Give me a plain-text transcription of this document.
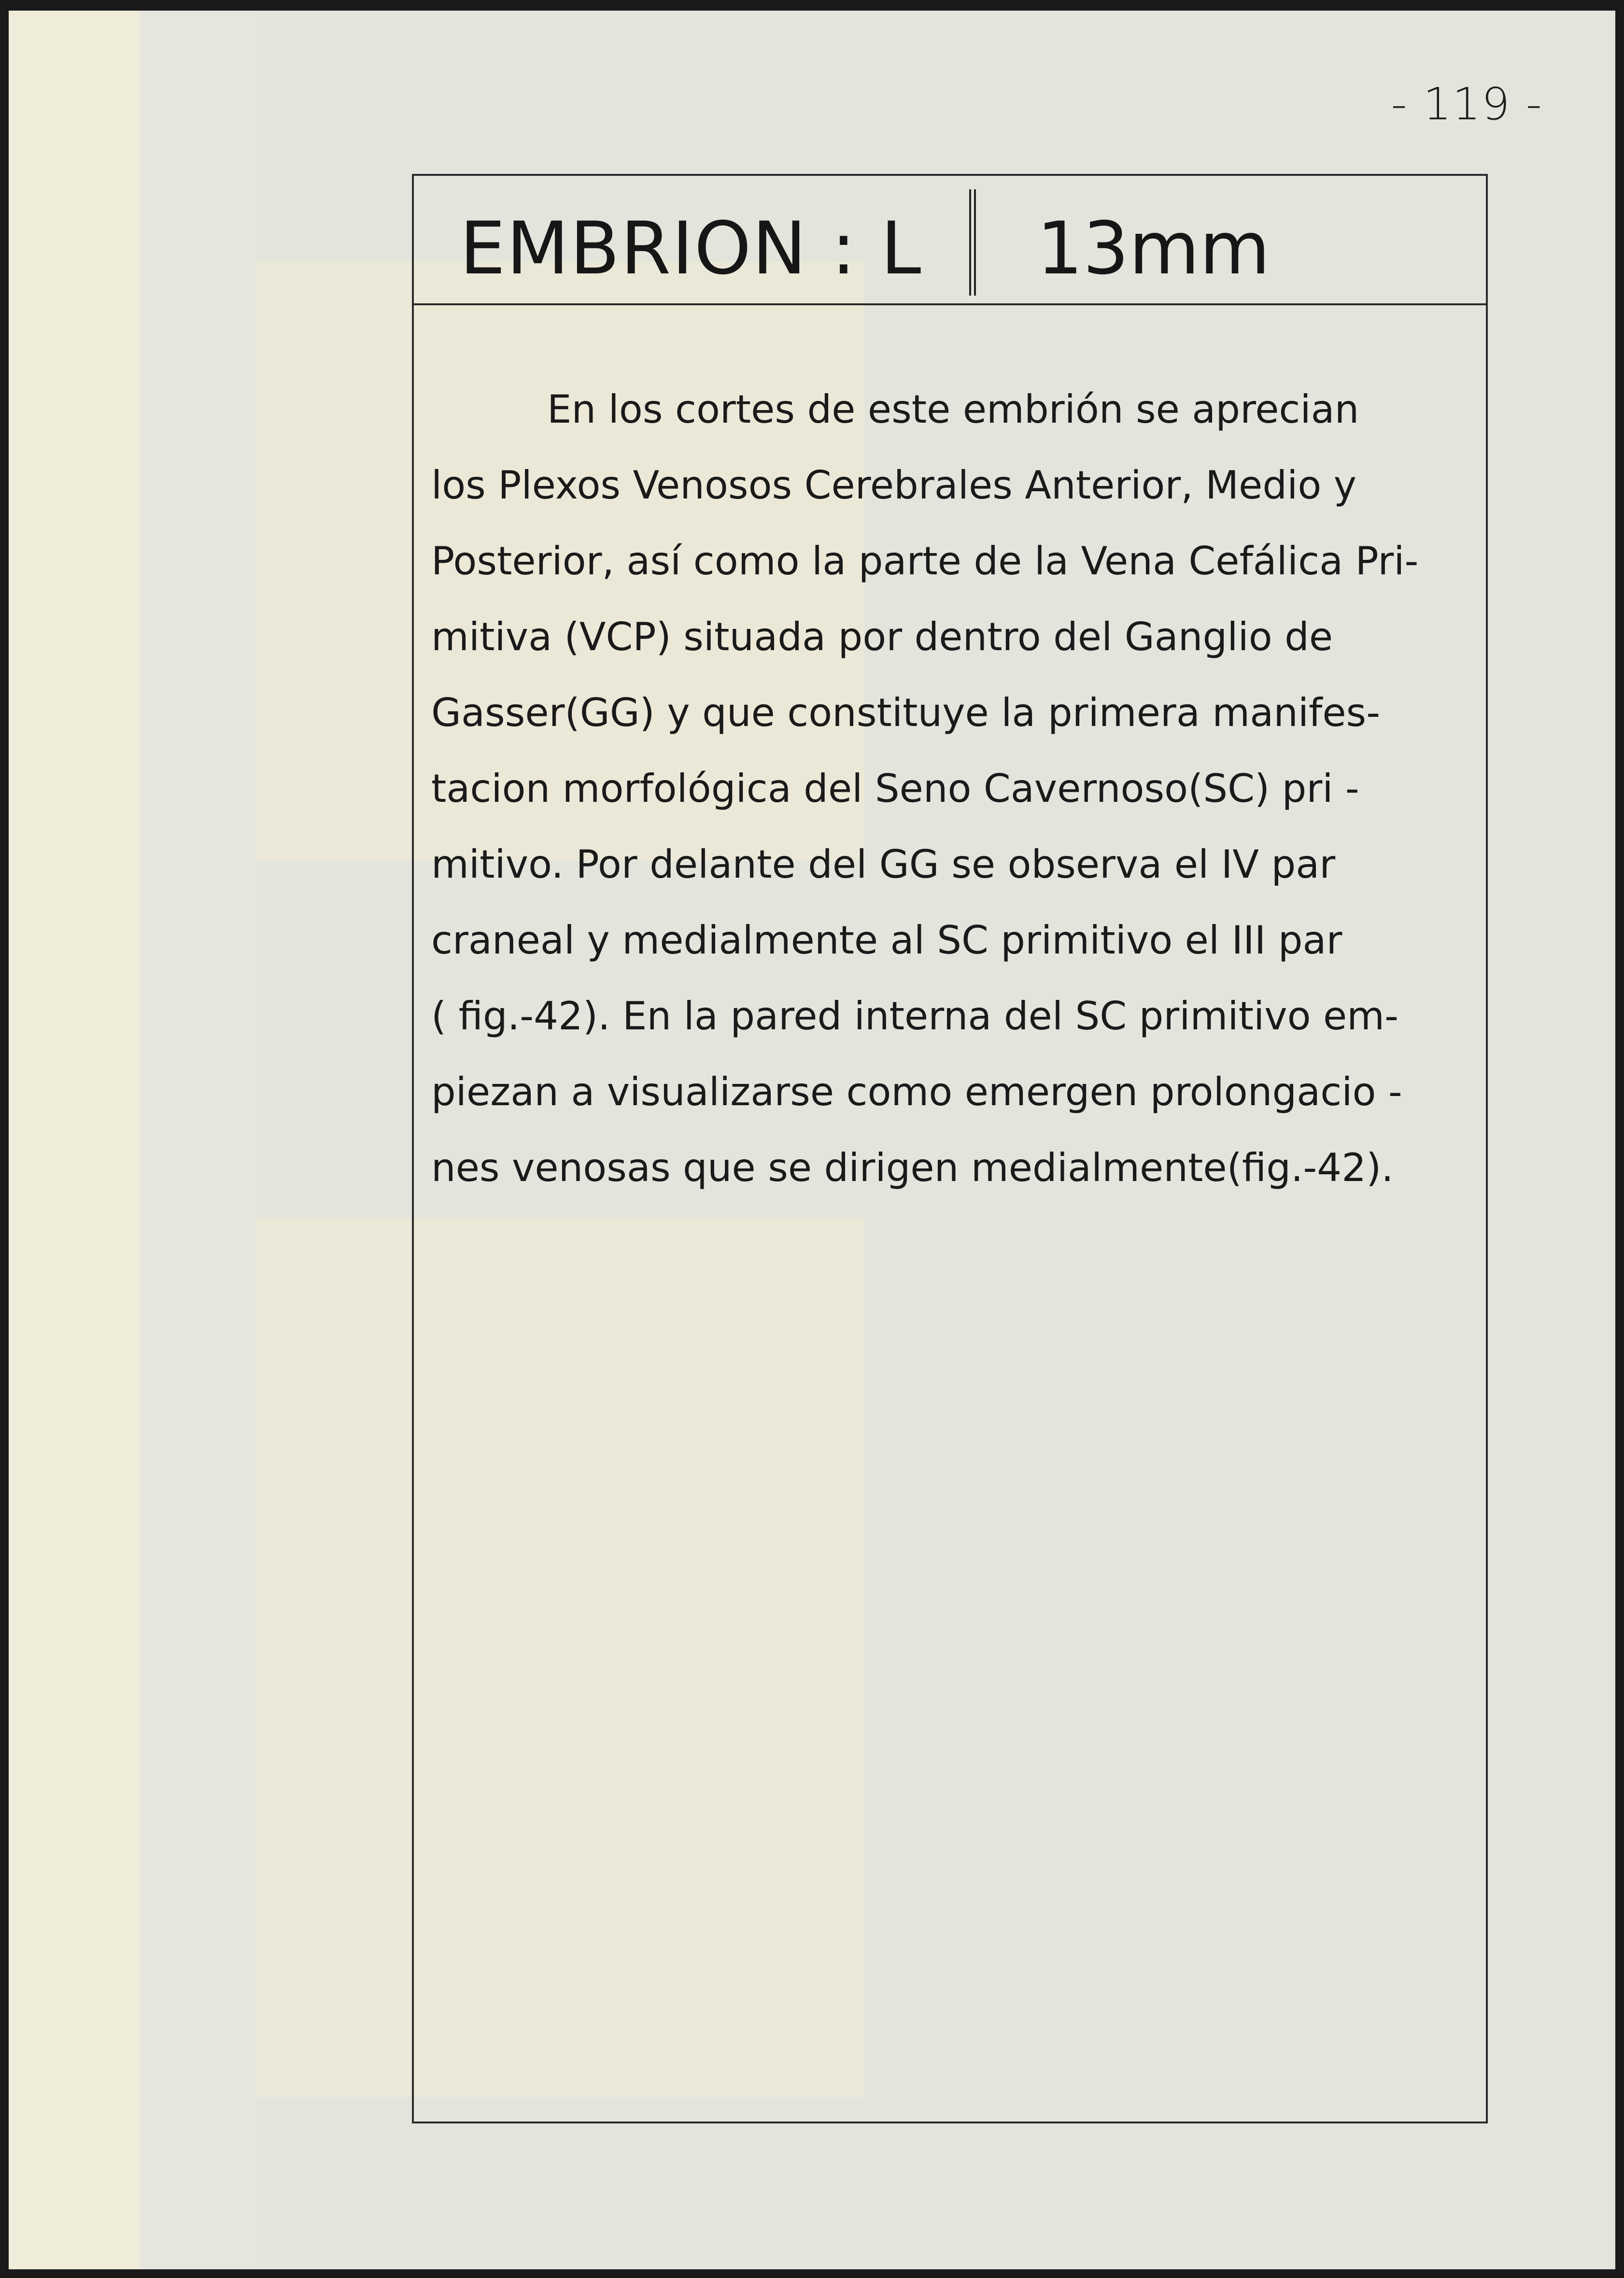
- 119 -
EMBRION : L 13mm
En los cortes de este embrión se aprecian
los Plexos Venosos Cerebrales Anterior, Medio y
Posterior, así como la parte de la Vena Cefálica Pri-
mitiva (VCP) situada por dentro del Ganglio de
Gasser(GG) y que constituye la primera manifes-
tacion morfológica del Seno Cavernoso(SC) pri -
mitivo. Por delante del GG se observa el IV par
craneal y medialmente al SC primitivo el III par
( fig.-42). En la pared interna del SC primitivo em-
piezan a visualizarse como emergen prolongacio -
nes venosas que se dirigen medialmente(fig.-42).
